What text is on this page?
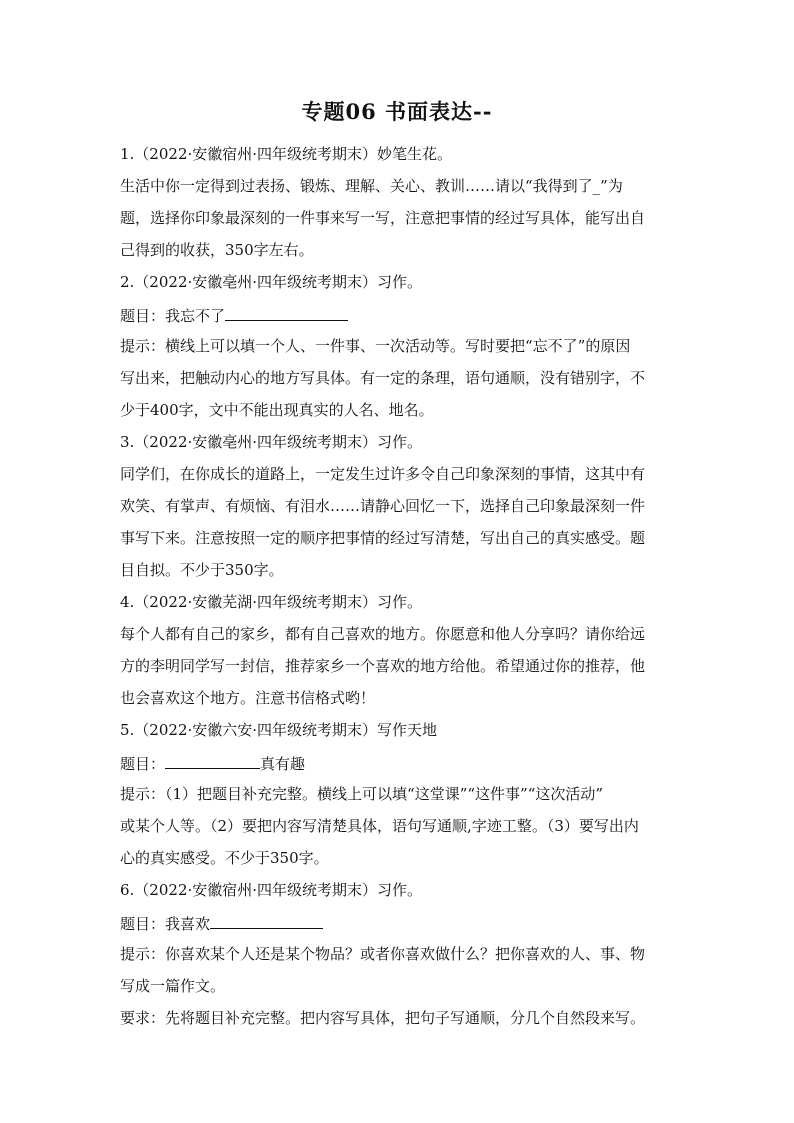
专题06 书面表达--
1.（2022·安徽宿州·四年级统考期末）妙笔生花。
生活中你一定得到过表扬、锻炼、理解、关心、教训……请以“我得到了_”为
题，选择你印象最深刻的一件事来写一写，注意把事情的经过写具体，能写出自
己得到的收获，350字左右。
2.（2022·安徽亳州·四年级统考期末）习作。
题目：我忘不了
提示：横线上可以填一个人、一件事、一次活动等。写时要把“忘不了”的原因
写出来，把触动内心的地方写具体。有一定的条理，语句通顺，没有错别字，不
少于400字，文中不能出现真实的人名、地名。
3.（2022·安徽亳州·四年级统考期末）习作。
同学们，在你成长的道路上，一定发生过许多令自己印象深刻的事情，这其中有
欢笑、有掌声、有烦恼、有泪水……请静心回忆一下，选择自己印象最深刻一件
事写下来。注意按照一定的顺序把事情的经过写清楚，写出自己的真实感受。题
目自拟。不少于350字。
4.（2022·安徽芜湖·四年级统考期末）习作。
每个人都有自己的家乡，都有自己喜欢的地方。你愿意和他人分享吗？请你给远
方的李明同学写一封信，推荐家乡一个喜欢的地方给他。希望通过你的推荐，他
也会喜欢这个地方。注意书信格式哟！
5.（2022·安徽六安·四年级统考期末）写作天地
题目：	真有趣
提示：（1）把题目补充完整。横线上可以填“这堂课”“这件事”“这次活动”
或某个人等。（2）要把内容写清楚具体，语句写通顺,字迹工整。（3）要写出内
心的真实感受。不少于350字。
6.（2022·安徽宿州·四年级统考期末）习作。
题目：我喜欢
提示：你喜欢某个人还是某个物品？或者你喜欢做什么？把你喜欢的人、事、物
写成一篇作文。
要求：先将题目补充完整。把内容写具体，把句子写通顺，分几个自然段来写。
